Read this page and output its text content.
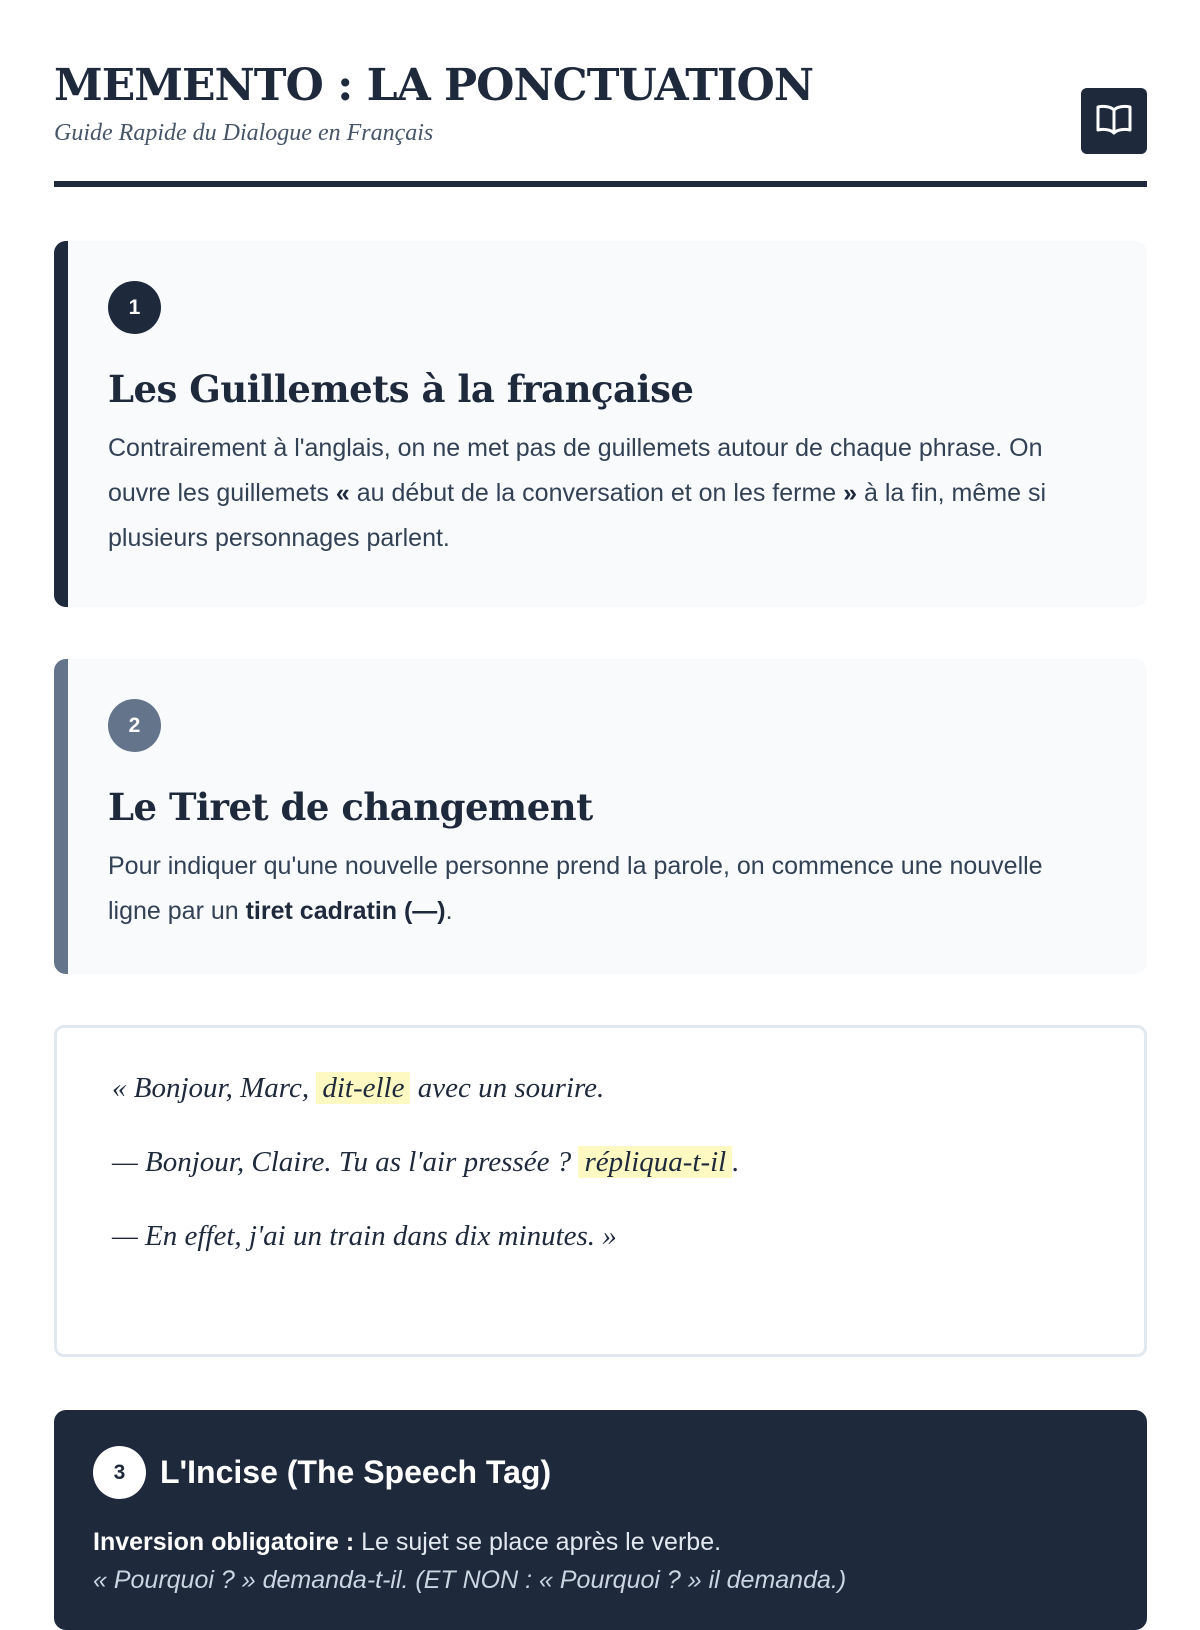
MEMENTO : LA PONCTUATION
Guide Rapide du Dialogue en Français
1
Les Guillemets à la française

Contrairement à l'anglais, on ne met pas de guillemets autour de chaque phrase. On ouvre les guillemets « au début de la conversation et on les ferme » à la fin, même si plusieurs personnages parlent.

2
Le Tiret de changement

Pour indiquer qu'une nouvelle personne prend la parole, on commence une nouvelle ligne par un tiret cadratin (—).

« Bonjour, Marc, dit-elle avec un sourire.
— Bonjour, Claire. Tu as l'air pressée ? répliqua-t-il .
— En effet, j'ai un train dans dix minutes. »
3	L'Incise (The Speech Tag)
Inversion obligatoire : Le sujet se place après le verbe.
« Pourquoi ? » demanda-t-il. (ET NON : « Pourquoi ? » il demanda.)
